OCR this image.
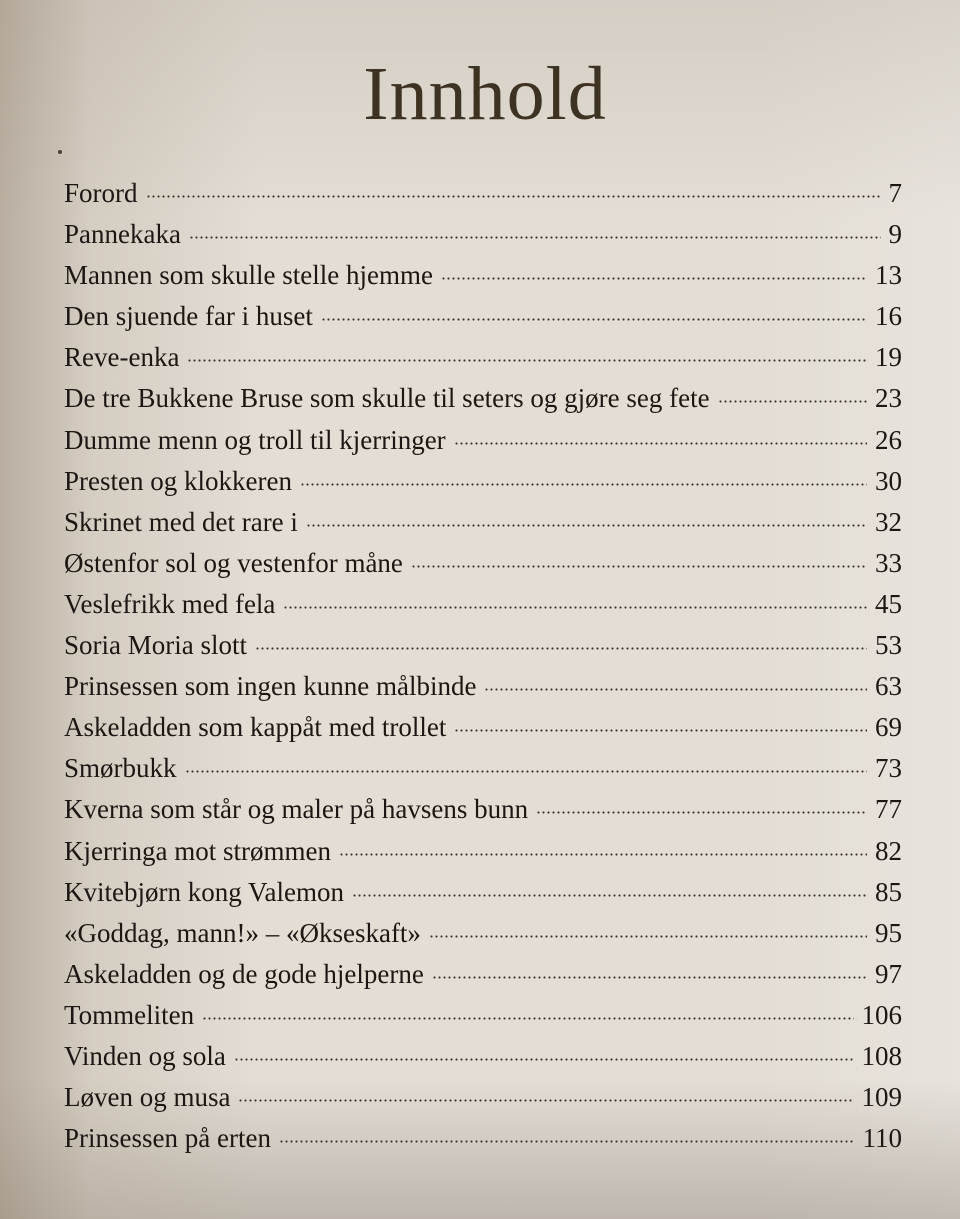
Innhold
Forord	7
Pannekaka	9
Mannen som skulle stelle hjemme	13
Den sjuende far i huset	16
Reve-enka	19
De tre Bukkene Bruse som skulle til seters og gjøre seg fete	23
Dumme menn og troll til kjerringer	26
Presten og klokkeren	30
Skrinet med det rare i	32
Østenfor sol og vestenfor måne	33
Veslefrikk med fela	45
Soria Moria slott	53
Prinsessen som ingen kunne målbinde	63
Askeladden som kappåt med trollet	69
Smørbukk	73
Kverna som står og maler på havsens bunn	77
Kjerringa mot strømmen	82
Kvitebjørn kong Valemon	85
«Goddag, mann!» – «Økseskaft»	95
Askeladden og de gode hjelperne	97
Tommeliten	106
Vinden og sola	108
Løven og musa	109
Prinsessen på erten	110
